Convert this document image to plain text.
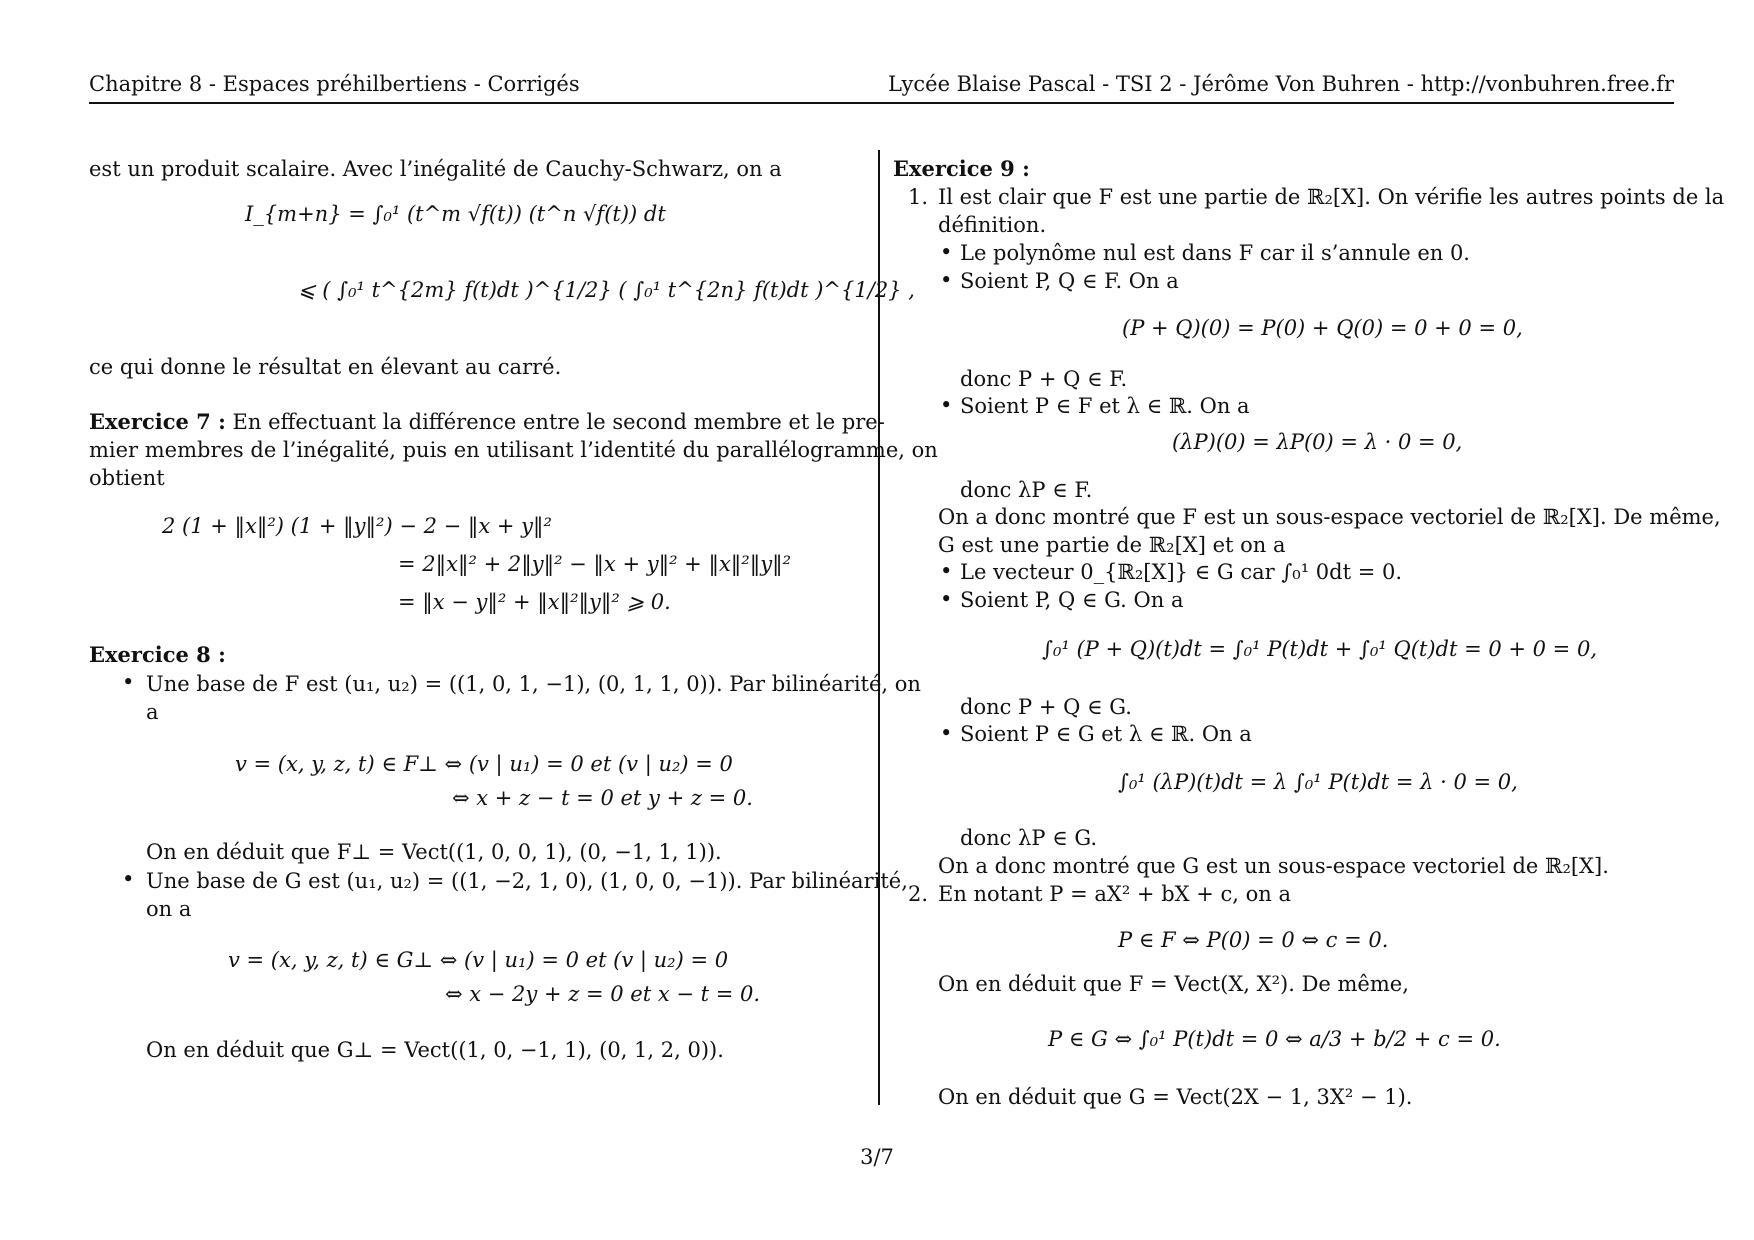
Chapitre 8 - Espaces préhilbertiens - Corrigés	Lycée Blaise Pascal - TSI 2 - Jérôme Von Buhren - http://vonbuhren.free.fr
est un produit scalaire. Avec l’inégalité de Cauchy-Schwarz, on a
I_{m+n} = ∫₀¹ (t^m √f(t)) (t^n √f(t)) dt
⩽ ( ∫₀¹ t^{2m} f(t)dt )^{1/2} ( ∫₀¹ t^{2n} f(t)dt )^{1/2} ,
ce qui donne le résultat en élevant au carré.
Exercice 7 : En effectuant la différence entre le second membre et le pre-
mier membres de l’inégalité, puis en utilisant l’identité du parallélogramme, on
obtient
2 (1 + ‖x‖²) (1 + ‖y‖²) − 2 − ‖x + y‖²
= 2‖x‖² + 2‖y‖² − ‖x + y‖² + ‖x‖²‖y‖²
= ‖x − y‖² + ‖x‖²‖y‖² ⩾ 0.
Exercice 8 :
• Une base de F est (u₁, u₂) = ((1, 0, 1, −1), (0, 1, 1, 0)). Par bilinéarité, on
a
v = (x, y, z, t) ∈ F⊥ ⇔ (v | u₁) = 0 et (v | u₂) = 0
⇔ x + z − t = 0 et y + z = 0.
On en déduit que F⊥ = Vect((1, 0, 0, 1), (0, −1, 1, 1)).
• Une base de G est (u₁, u₂) = ((1, −2, 1, 0), (1, 0, 0, −1)). Par bilinéarité,
on a
v = (x, y, z, t) ∈ G⊥ ⇔ (v | u₁) = 0 et (v | u₂) = 0
⇔ x − 2y + z = 0 et x − t = 0.
On en déduit que G⊥ = Vect((1, 0, −1, 1), (0, 1, 2, 0)).
Exercice 9 :
1. Il est clair que F est une partie de ℝ₂[X]. On vérifie les autres points de la
définition.
• Le polynôme nul est dans F car il s’annule en 0.
• Soient P, Q ∈ F. On a
(P + Q)(0) = P(0) + Q(0) = 0 + 0 = 0,
donc P + Q ∈ F.
• Soient P ∈ F et λ ∈ ℝ. On a
(λP)(0) = λP(0) = λ · 0 = 0,
donc λP ∈ F.
On a donc montré que F est un sous-espace vectoriel de ℝ₂[X]. De même,
G est une partie de ℝ₂[X] et on a
• Le vecteur 0_{ℝ₂[X]} ∈ G car ∫₀¹ 0dt = 0.
• Soient P, Q ∈ G. On a
∫₀¹ (P + Q)(t)dt = ∫₀¹ P(t)dt + ∫₀¹ Q(t)dt = 0 + 0 = 0,
donc P + Q ∈ G.
• Soient P ∈ G et λ ∈ ℝ. On a
∫₀¹ (λP)(t)dt = λ ∫₀¹ P(t)dt = λ · 0 = 0,
donc λP ∈ G.
On a donc montré que G est un sous-espace vectoriel de ℝ₂[X].
2. En notant P = aX² + bX + c, on a
P ∈ F ⇔ P(0) = 0 ⇔ c = 0.
On en déduit que F = Vect(X, X²). De même,
P ∈ G ⇔ ∫₀¹ P(t)dt = 0 ⇔ a/3 + b/2 + c = 0.
On en déduit que G = Vect(2X − 1, 3X² − 1).
3/7
